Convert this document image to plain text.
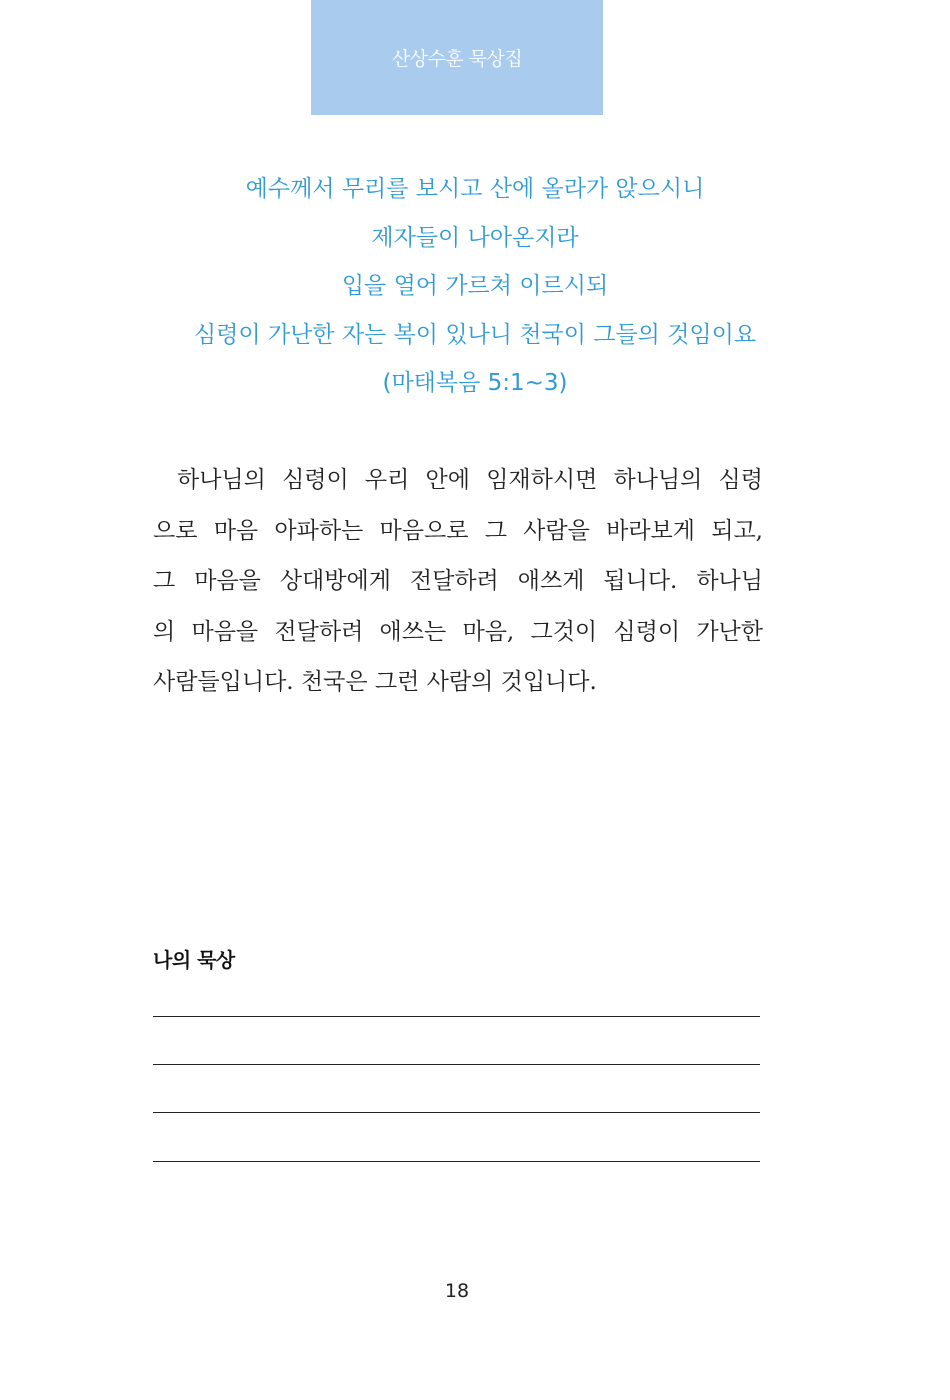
산상수훈 묵상집
예수께서 무리를 보시고 산에 올라가 앉으시니
제자들이 나아온지라
입을 열어 가르쳐 이르시되
심령이 가난한 자는 복이 있나니 천국이 그들의 것임이요
(마태복음 5:1~3)
하나님의 심령이 우리 안에 임재하시면 하나님의 심령
으로 마음 아파하는 마음으로 그 사람을 바라보게 되고,
그 마음을 상대방에게 전달하려 애쓰게 됩니다. 하나님
의 마음을 전달하려 애쓰는 마음, 그것이 심령이 가난한
사람들입니다. 천국은 그런 사람의 것입니다.
나의 묵상
18
